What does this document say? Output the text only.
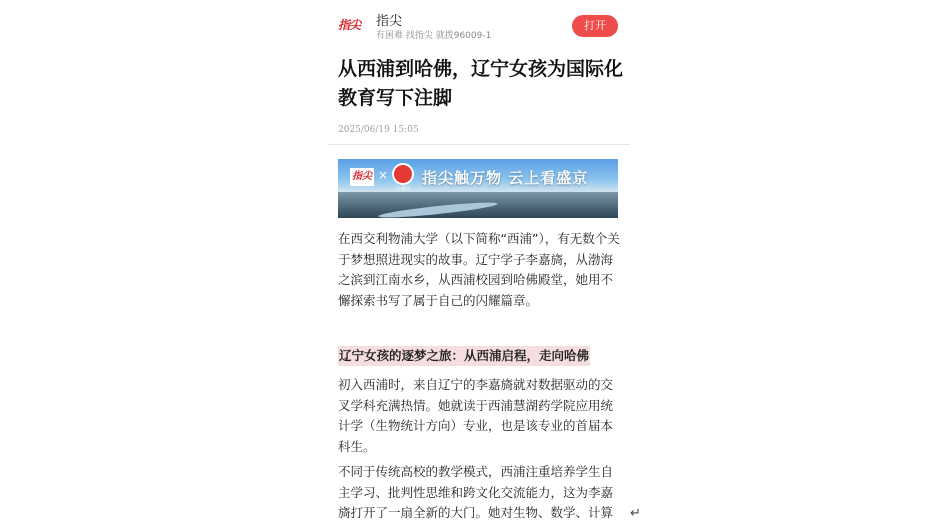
指尖	指尖
有困难 找指尖 就拨96009-1
打开
从西浦到哈佛，辽宁女孩为国际化教育写下注脚
2025/06/19 15:05
指尖 ×
云盛京
指尖触万物 云上看盛京

在西交利物浦大学（以下简称“西浦”），有无数个关于梦想照进现实的故事。辽宁学子李嘉旖，从渤海之滨到江南水乡，从西浦校园到哈佛殿堂，她用不懈探索书写了属于自己的闪耀篇章。

辽宁女孩的逐梦之旅：从西浦启程，走向哈佛

初入西浦时，来自辽宁的李嘉旖就对数据驱动的交叉学科充满热情。她就读于西浦慧湖药学院应用统计学（生物统计方向）专业，也是该专业的首届本科生。

不同于传统高校的教学模式，西浦注重培养学生自主学习、批判性思维和跨文化交流能力，这为李嘉旖打开了一扇全新的大门。她对生物、数学、计算	↵
